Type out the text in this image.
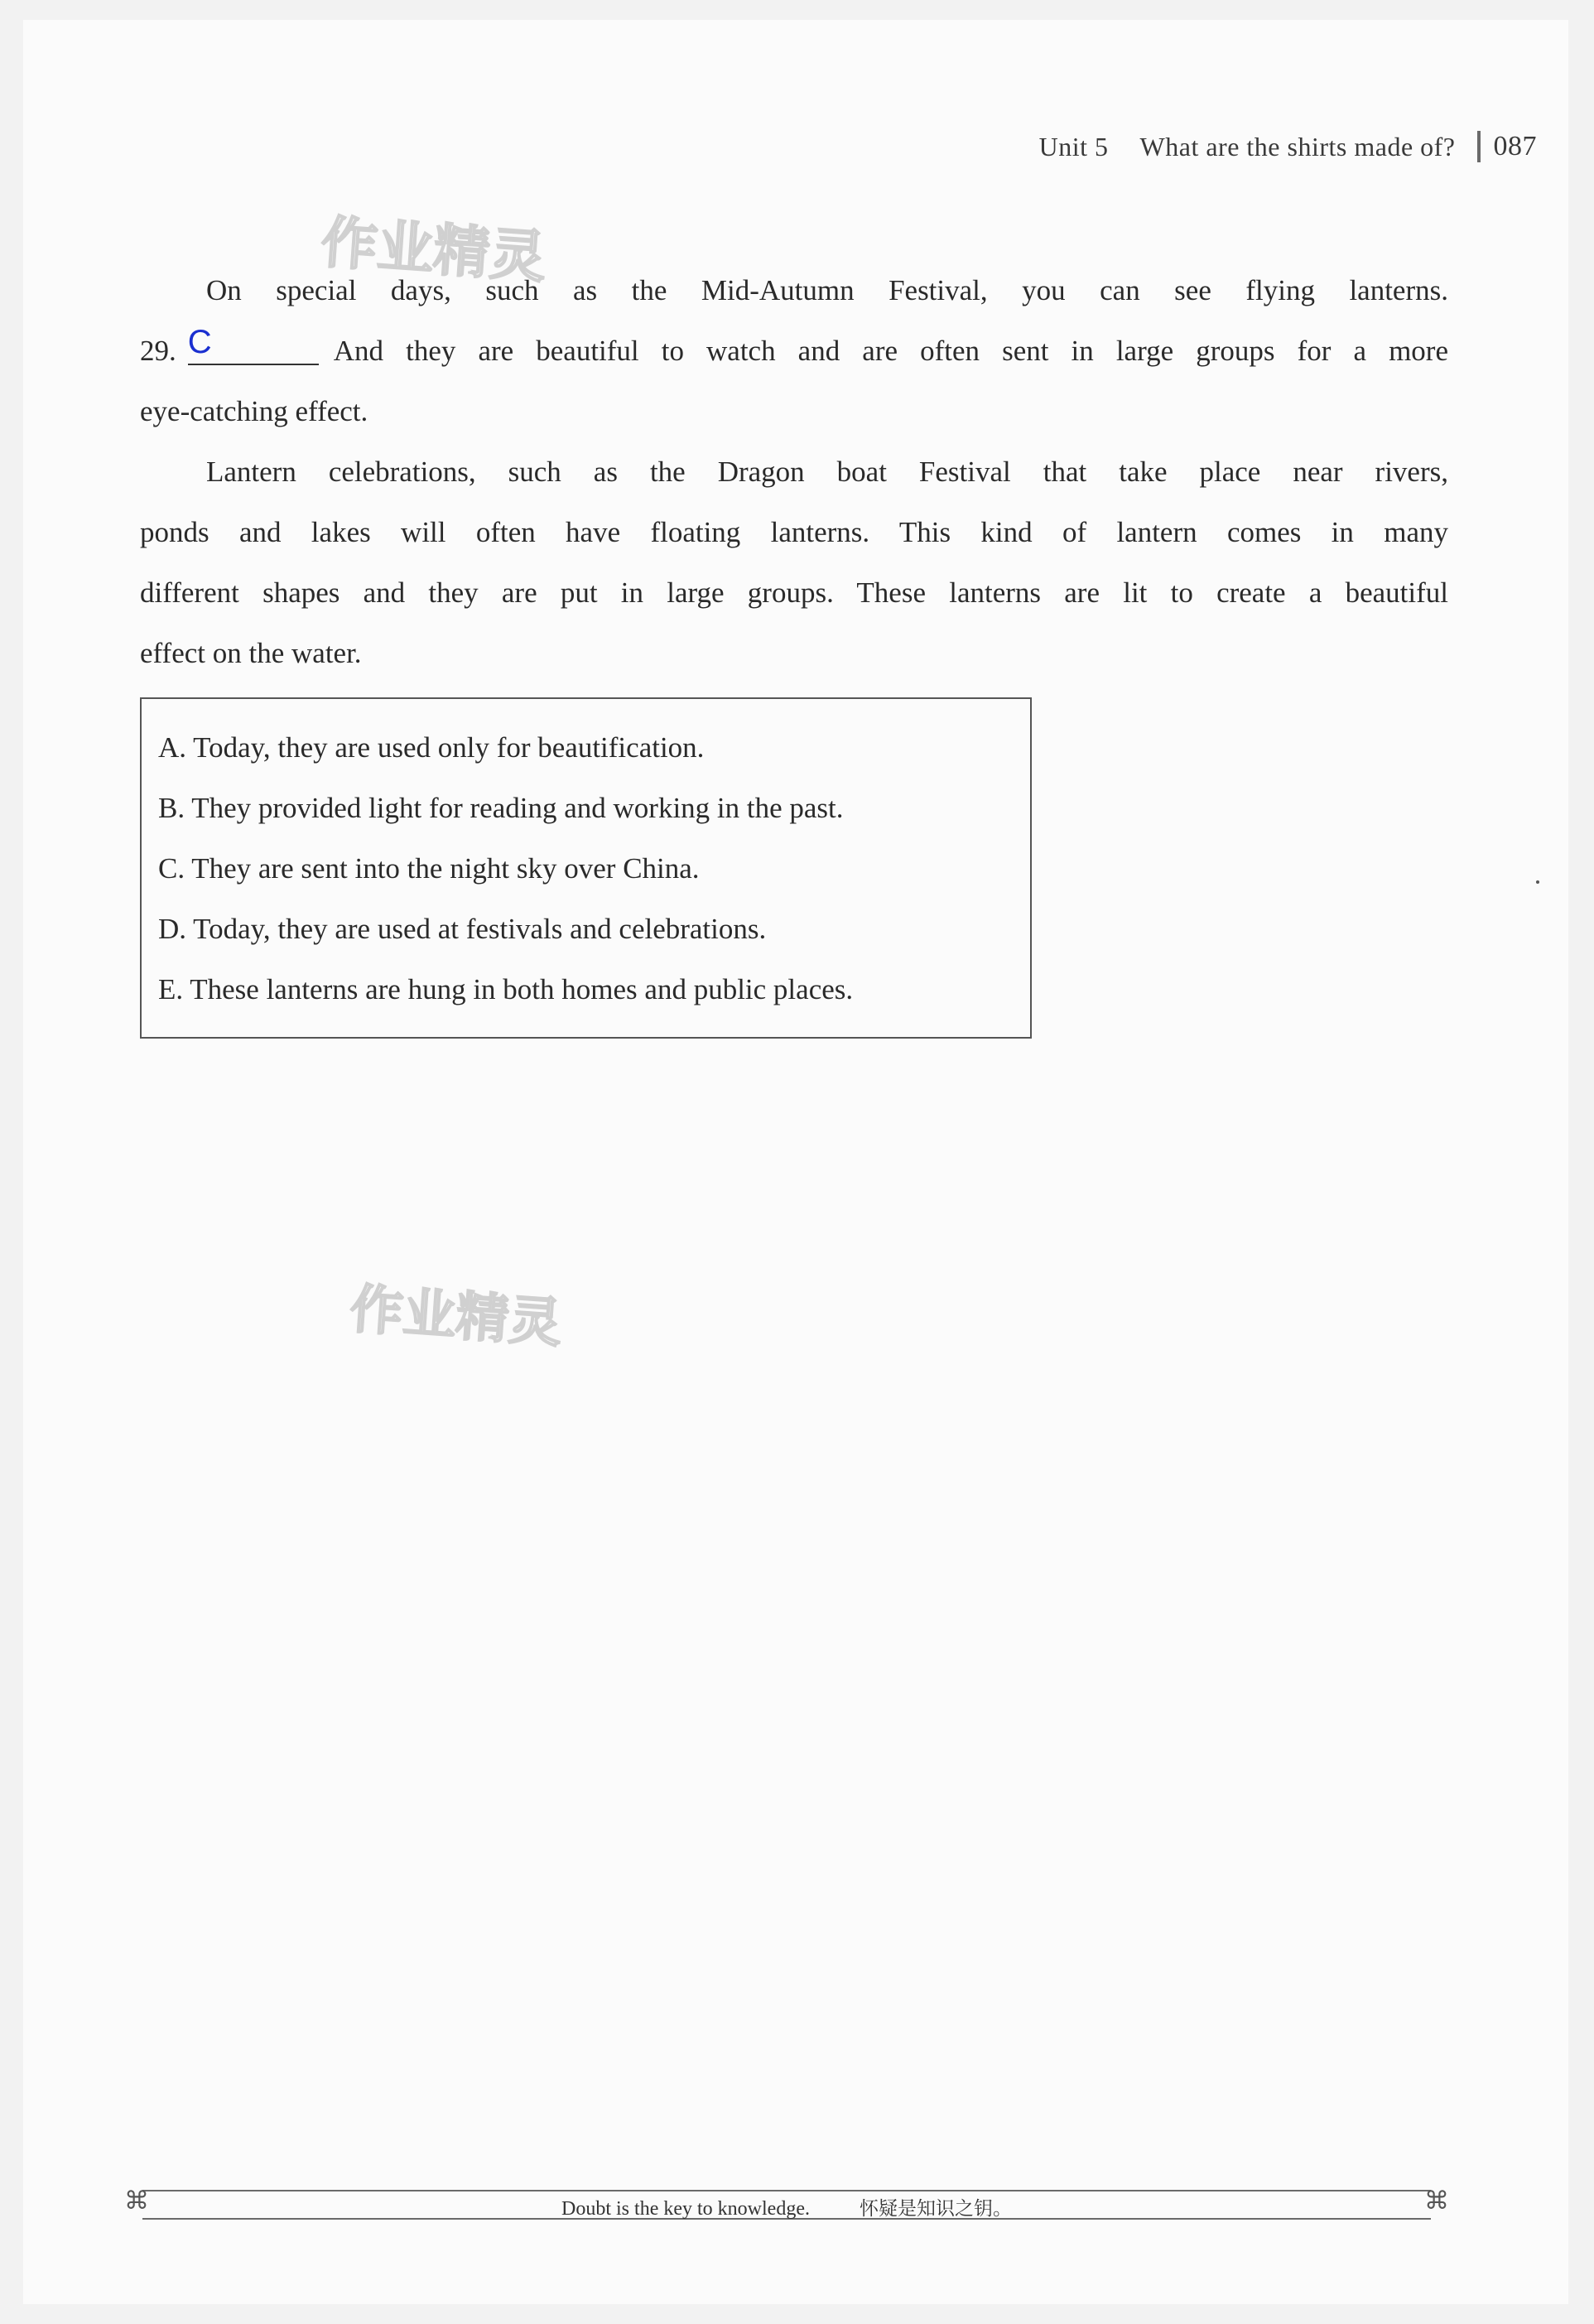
Unit 5 What are the shirts made of? 087
作业精灵
On special days, such as the Mid-Autumn Festival, you can see flying lanterns.
29. C	And they are beautiful to watch and are often sent in large groups for a more
eye-catching effect.
Lantern celebrations, such as the Dragon boat Festival that take place near rivers,
ponds and lakes will often have floating lanterns. This kind of lantern comes in many
different shapes and they are put in large groups. These lanterns are lit to create a beautiful
effect on the water.
A. Today, they are used only for beautification.
B. They provided light for reading and working in the past.
C. They are sent into the night sky over China.
D. Today, they are used at festivals and celebrations.
E. These lanterns are hung in both homes and public places.
作业精灵
⌘	⌘
Doubt is the key to knowledge.	怀疑是知识之钥。
